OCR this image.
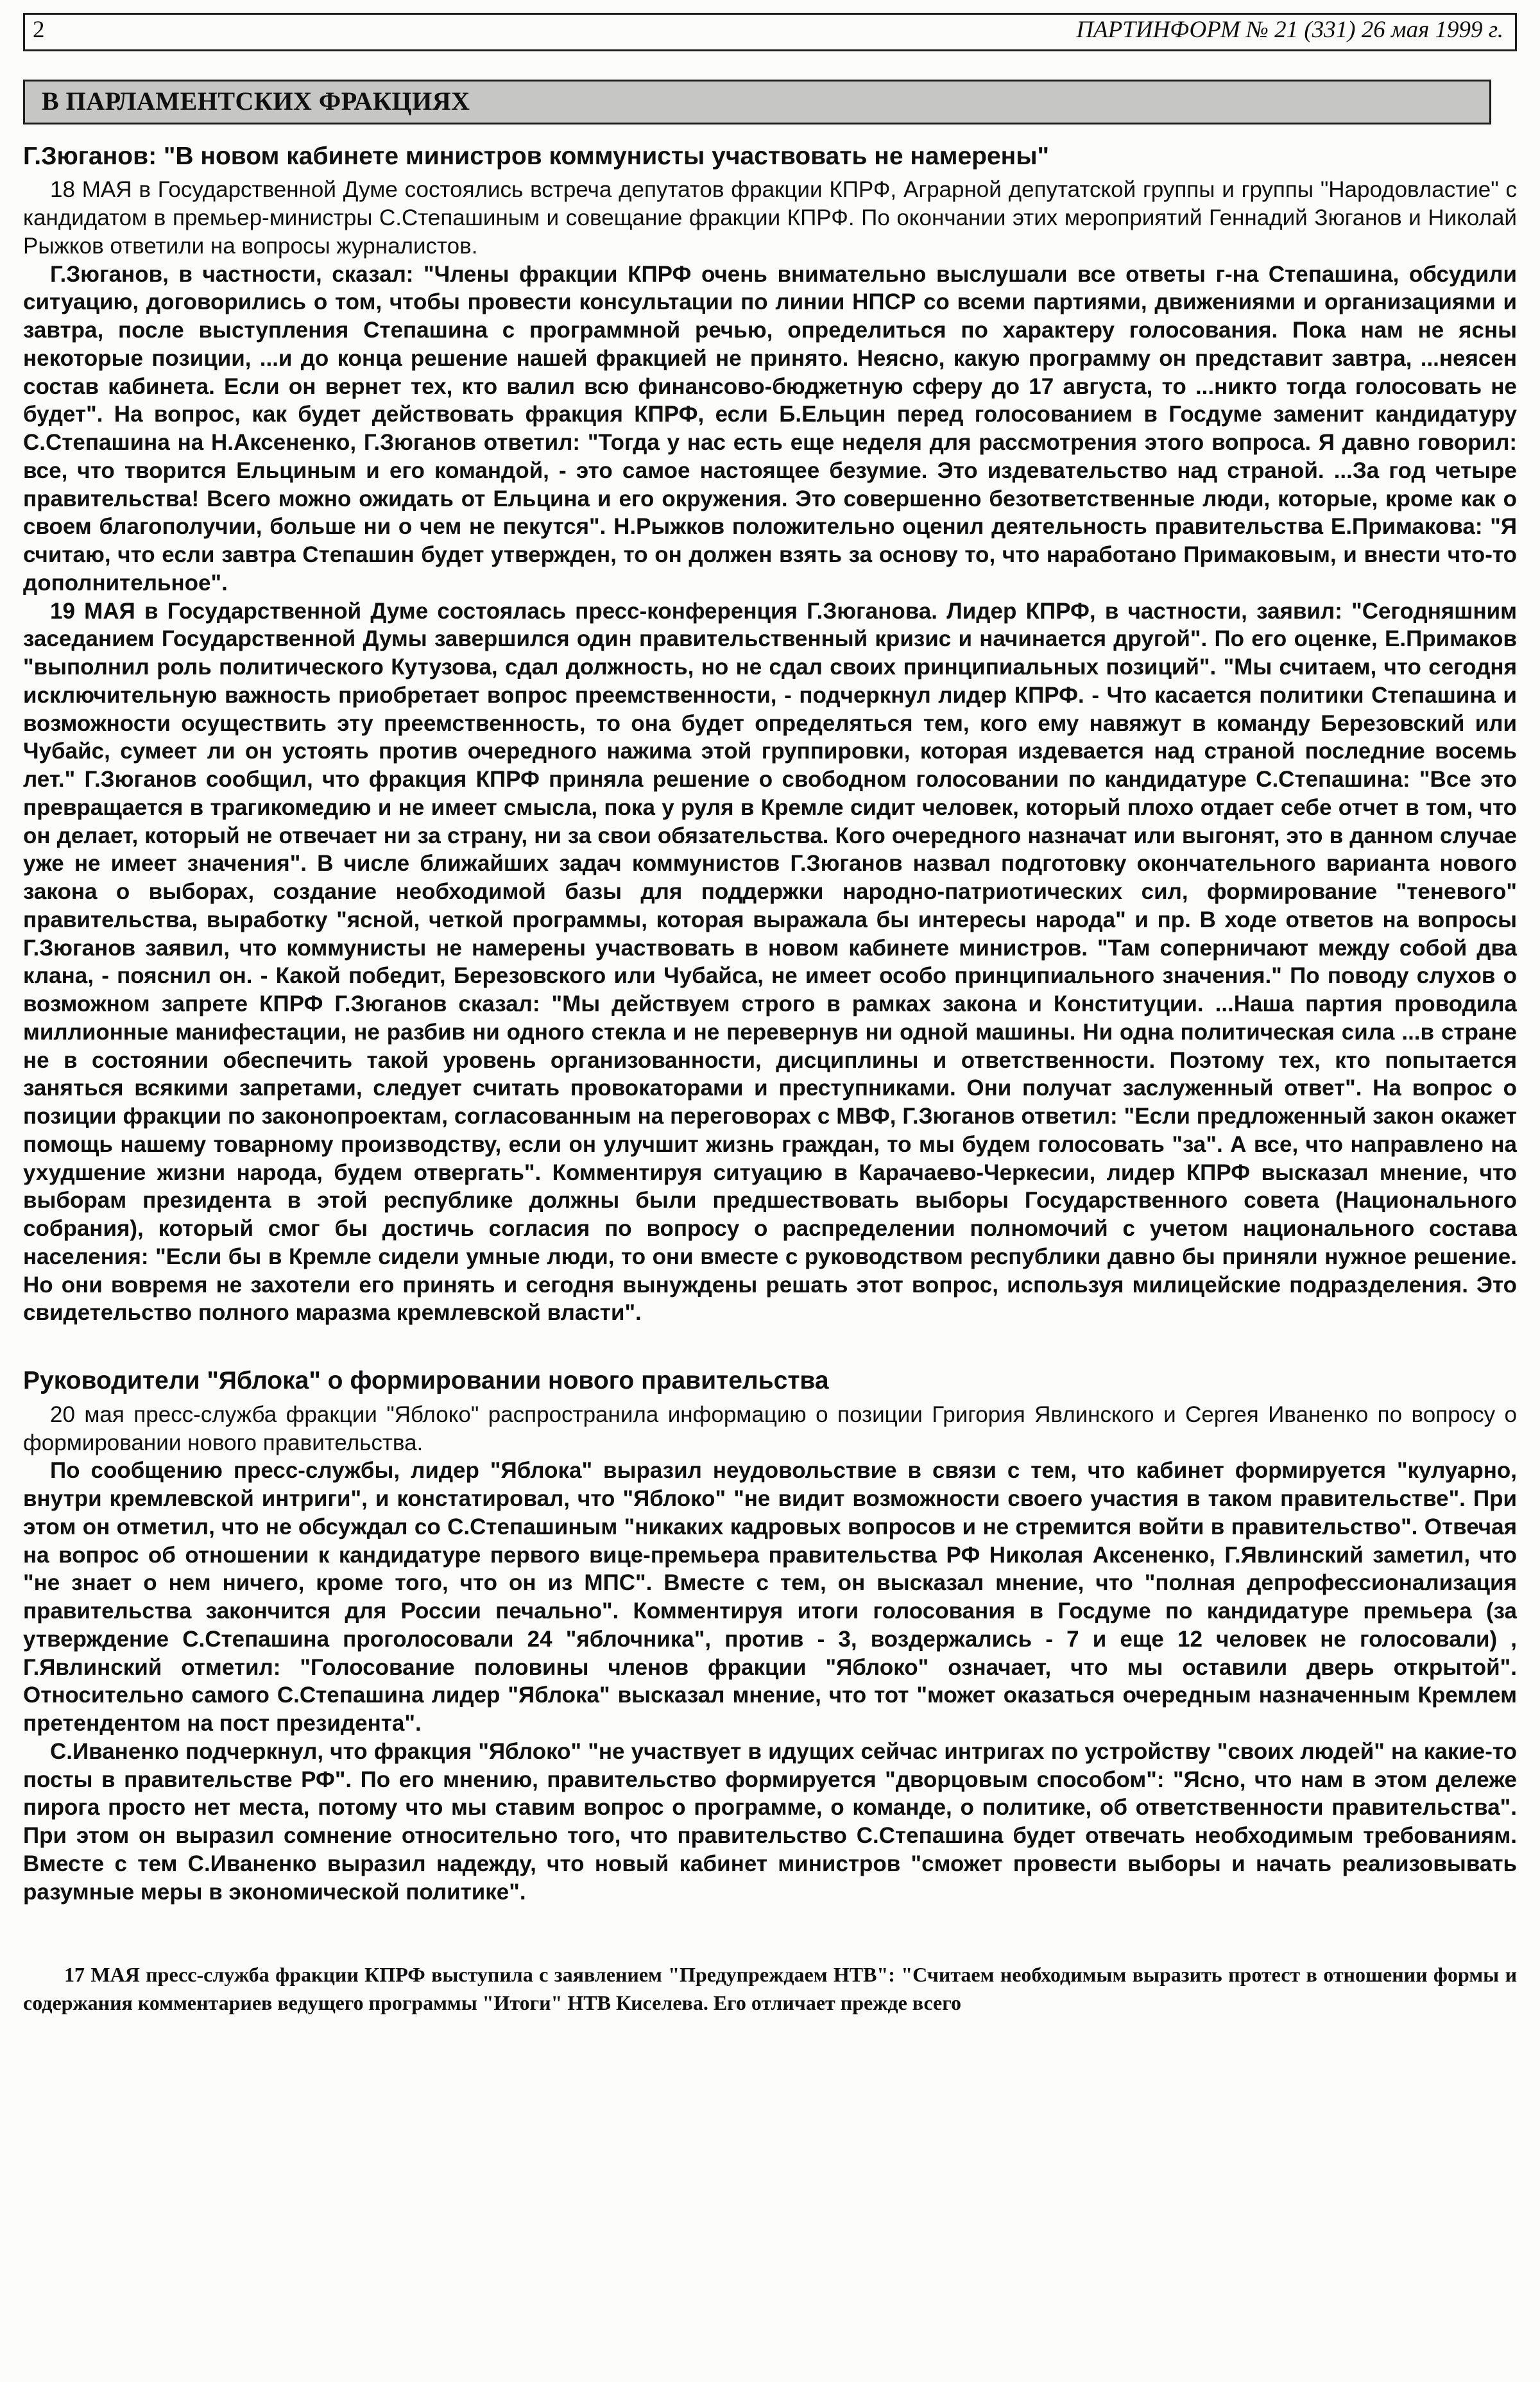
2	ПАРТИНФОРМ № 21 (331) 26 мая 1999 г.
В ПАРЛАМЕНТСКИХ ФРАКЦИЯХ
Г.Зюганов: "В новом кабинете министров коммунисты участвовать не намерены"

18 МАЯ в Государственной Думе состоялись встреча депутатов фракции КПРФ, Аграрной депутатской группы и группы "Народовластие" с кандидатом в премьер-министры С.Степашиным и совещание фракции КПРФ. По окончании этих мероприятий Геннадий Зюганов и Николай Рыжков ответили на вопросы журналистов.

Г.Зюганов, в частности, сказал: "Члены фракции КПРФ очень внимательно выслушали все ответы г-на Степашина, обсудили ситуацию, договорились о том, чтобы провести консультации по линии НПСР со всеми партиями, движениями и организациями и завтра, после выступления Степашина с программной речью, определиться по характеру голосования. Пока нам не ясны некоторые позиции, ...и до конца решение нашей фракцией не принято. Неясно, какую программу он представит завтра, ...неясен состав кабинета. Если он вернет тех, кто валил всю финансово-бюджетную сферу до 17 августа, то ...никто тогда голосовать не будет". На вопрос, как будет действовать фракция КПРФ, если Б.Ельцин перед голосованием в Госдуме заменит кандидатуру С.Степашина на Н.Аксененко, Г.Зюганов ответил: "Тогда у нас есть еще неделя для рассмотрения этого вопроса. Я давно говорил: все, что творится Ельциным и его командой, - это самое настоящее безумие. Это издевательство над страной. ...За год четыре правительства! Всего можно ожидать от Ельцина и его окружения. Это совершенно безответственные люди, которые, кроме как о своем благополучии, больше ни о чем не пекутся". Н.Рыжков положительно оценил деятельность правительства Е.Примакова: "Я считаю, что если завтра Степашин будет утвержден, то он должен взять за основу то, что наработано Примаковым, и внести что-то дополнительное".

19 МАЯ в Государственной Думе состоялась пресс-конференция Г.Зюганова. Лидер КПРФ, в частности, заявил: "Сегодняшним заседанием Государственной Думы завершился один правительственный кризис и начинается другой". По его оценке, Е.Примаков "выполнил роль политического Кутузова, сдал должность, но не сдал своих принципиальных позиций". "Мы считаем, что сегодня исключительную важность приобретает вопрос преемственности, - подчеркнул лидер КПРФ. - Что касается политики Степашина и возможности осуществить эту преемственность, то она будет определяться тем, кого ему навяжут в команду Березовский или Чубайс, сумеет ли он устоять против очередного нажима этой группировки, которая издевается над страной последние восемь лет." Г.Зюганов сообщил, что фракция КПРФ приняла решение о свободном голосовании по кандидатуре С.Степашина: "Все это превращается в трагикомедию и не имеет смысла, пока у руля в Кремле сидит человек, который плохо отдает себе отчет в том, что он делает, который не отвечает ни за страну, ни за свои обязательства. Кого очередного назначат или выгонят, это в данном случае уже не имеет значения". В числе ближайших задач коммунистов Г.Зюганов назвал подготовку окончательного варианта нового закона о выборах, создание необходимой базы для поддержки народно-патриотических сил, формирование "теневого" правительства, выработку "ясной, четкой программы, которая выражала бы интересы народа" и пр. В ходе ответов на вопросы Г.Зюганов заявил, что коммунисты не намерены участвовать в новом кабинете министров. "Там соперничают между собой два клана, - пояснил он. - Какой победит, Березовского или Чубайса, не имеет особо принципиального значения." По поводу слухов о возможном запрете КПРФ Г.Зюганов сказал: "Мы действуем строго в рамках закона и Конституции. ...Наша партия проводила миллионные манифестации, не разбив ни одного стекла и не перевернув ни одной машины. Ни одна политическая сила ...в стране не в состоянии обеспечить такой уровень организованности, дисциплины и ответственности. Поэтому тех, кто попытается заняться всякими запретами, следует считать провокаторами и преступниками. Они получат заслуженный ответ". На вопрос о позиции фракции по законопроектам, согласованным на переговорах с МВФ, Г.Зюганов ответил: "Если предложенный закон окажет помощь нашему товарному производству, если он улучшит жизнь граждан, то мы будем голосовать "за". А все, что направлено на ухудшение жизни народа, будем отвергать". Комментируя ситуацию в Карачаево-Черкесии, лидер КПРФ высказал мнение, что выборам президента в этой республике должны были предшествовать выборы Государственного совета (Национального собрания), который смог бы достичь согласия по вопросу о распределении полномочий с учетом национального состава населения: "Если бы в Кремле сидели умные люди, то они вместе с руководством республики давно бы приняли нужное решение. Но они вовремя не захотели его принять и сегодня вынуждены решать этот вопрос, используя милицейские подразделения. Это свидетельство полного маразма кремлевской власти".

Руководители "Яблока" о формировании нового правительства

20 мая пресс-служба фракции "Яблоко" распространила информацию о позиции Григория Явлинского и Сергея Иваненко по вопросу о формировании нового правительства.

По сообщению пресс-службы, лидер "Яблока" выразил неудовольствие в связи с тем, что кабинет формируется "кулуарно, внутри кремлевской интриги", и констатировал, что "Яблоко" "не видит возможности своего участия в таком правительстве". При этом он отметил, что не обсуждал со С.Степашиным "никаких кадровых вопросов и не стремится войти в правительство". Отвечая на вопрос об отношении к кандидатуре первого вице-премьера правительства РФ Николая Аксененко, Г.Явлинский заметил, что "не знает о нем ничего, кроме того, что он из МПС". Вместе с тем, он высказал мнение, что "полная депрофессионализация правительства закончится для России печально". Комментируя итоги голосования в Госдуме по кандидатуре премьера (за утверждение С.Степашина проголосовали 24 "яблочника", против - 3, воздержались - 7 и еще 12 человек не голосовали) , Г.Явлинский отметил: "Голосование половины членов фракции "Яблоко" означает, что мы оставили дверь открытой". Относительно самого С.Степашина лидер "Яблока" высказал мнение, что тот "может оказаться очередным назначенным Кремлем претендентом на пост президента".

С.Иваненко подчеркнул, что фракция "Яблоко" "не участвует в идущих сейчас интригах по устройству "своих людей" на какие-то посты в правительстве РФ". По его мнению, правительство формируется "дворцовым способом": "Ясно, что нам в этом дележе пирога просто нет места, потому что мы ставим вопрос о программе, о команде, о политике, об ответственности правительства". При этом он выразил сомнение относительно того, что правительство С.Степашина будет отвечать необходимым требованиям. Вместе с тем С.Иваненко выразил надежду, что новый кабинет министров "сможет провести выборы и начать реализовывать разумные меры в экономической политике".

17 МАЯ пресс-служба фракции КПРФ выступила с заявлением "Предупреждаем НТВ": "Считаем необходимым выразить протест в отношении формы и содержания комментариев ведущего программы "Итоги" НТВ Киселева. Его отличает прежде всего
